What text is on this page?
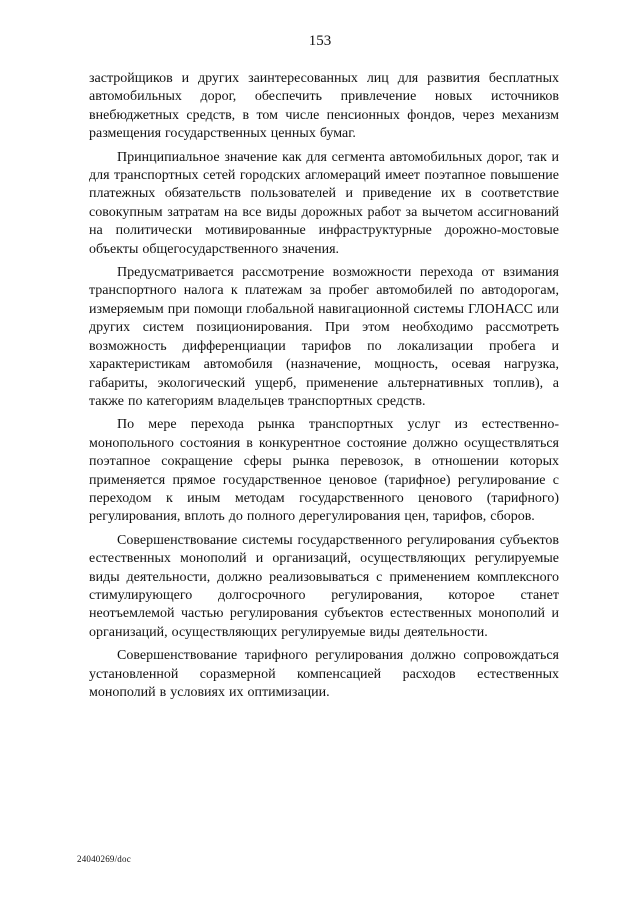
153

застройщиков и других заинтересованных лиц для развития бесплатных автомобильных дорог, обеспечить привлечение новых источников внебюджетных средств, в том числе пенсионных фондов, через механизм размещения государственных ценных бумаг.

Принципиальное значение как для сегмента автомобильных дорог, так и для транспортных сетей городских агломераций имеет поэтапное повышение платежных обязательств пользователей и приведение их в соответствие совокупным затратам на все виды дорожных работ за вычетом ассигнований на политически мотивированные инфраструктурные дорожно-мостовые объекты общегосударственного значения.

Предусматривается рассмотрение возможности перехода от взимания транспортного налога к платежам за пробег автомобилей по автодорогам, измеряемым при помощи глобальной навигационной системы ГЛОНАСС или других систем позиционирования. При этом необходимо рассмотреть возможность дифференциации тарифов по локализации пробега и характеристикам автомобиля (назначение, мощность, осевая нагрузка, габариты, экологический ущерб, применение альтернативных топлив), а также по категориям владельцев транспортных средств.

По мере перехода рынка транспортных услуг из естественно-монопольного состояния в конкурентное состояние должно осуществляться поэтапное сокращение сферы рынка перевозок, в отношении которых применяется прямое государственное ценовое (тарифное) регулирование с переходом к иным методам государственного ценового (тарифного) регулирования, вплоть до полного дерегулирования цен, тарифов, сборов.

Совершенствование системы государственного регулирования субъектов естественных монополий и организаций, осуществляющих регулируемые виды деятельности, должно реализовываться с применением комплексного стимулирующего долгосрочного регулирования, которое станет неотъемлемой частью регулирования субъектов естественных монополий и организаций, осуществляющих регулируемые виды деятельности.

Совершенствование тарифного регулирования должно сопровождаться установленной соразмерной компенсацией расходов естественных монополий в условиях их оптимизации.

24040269/doc
